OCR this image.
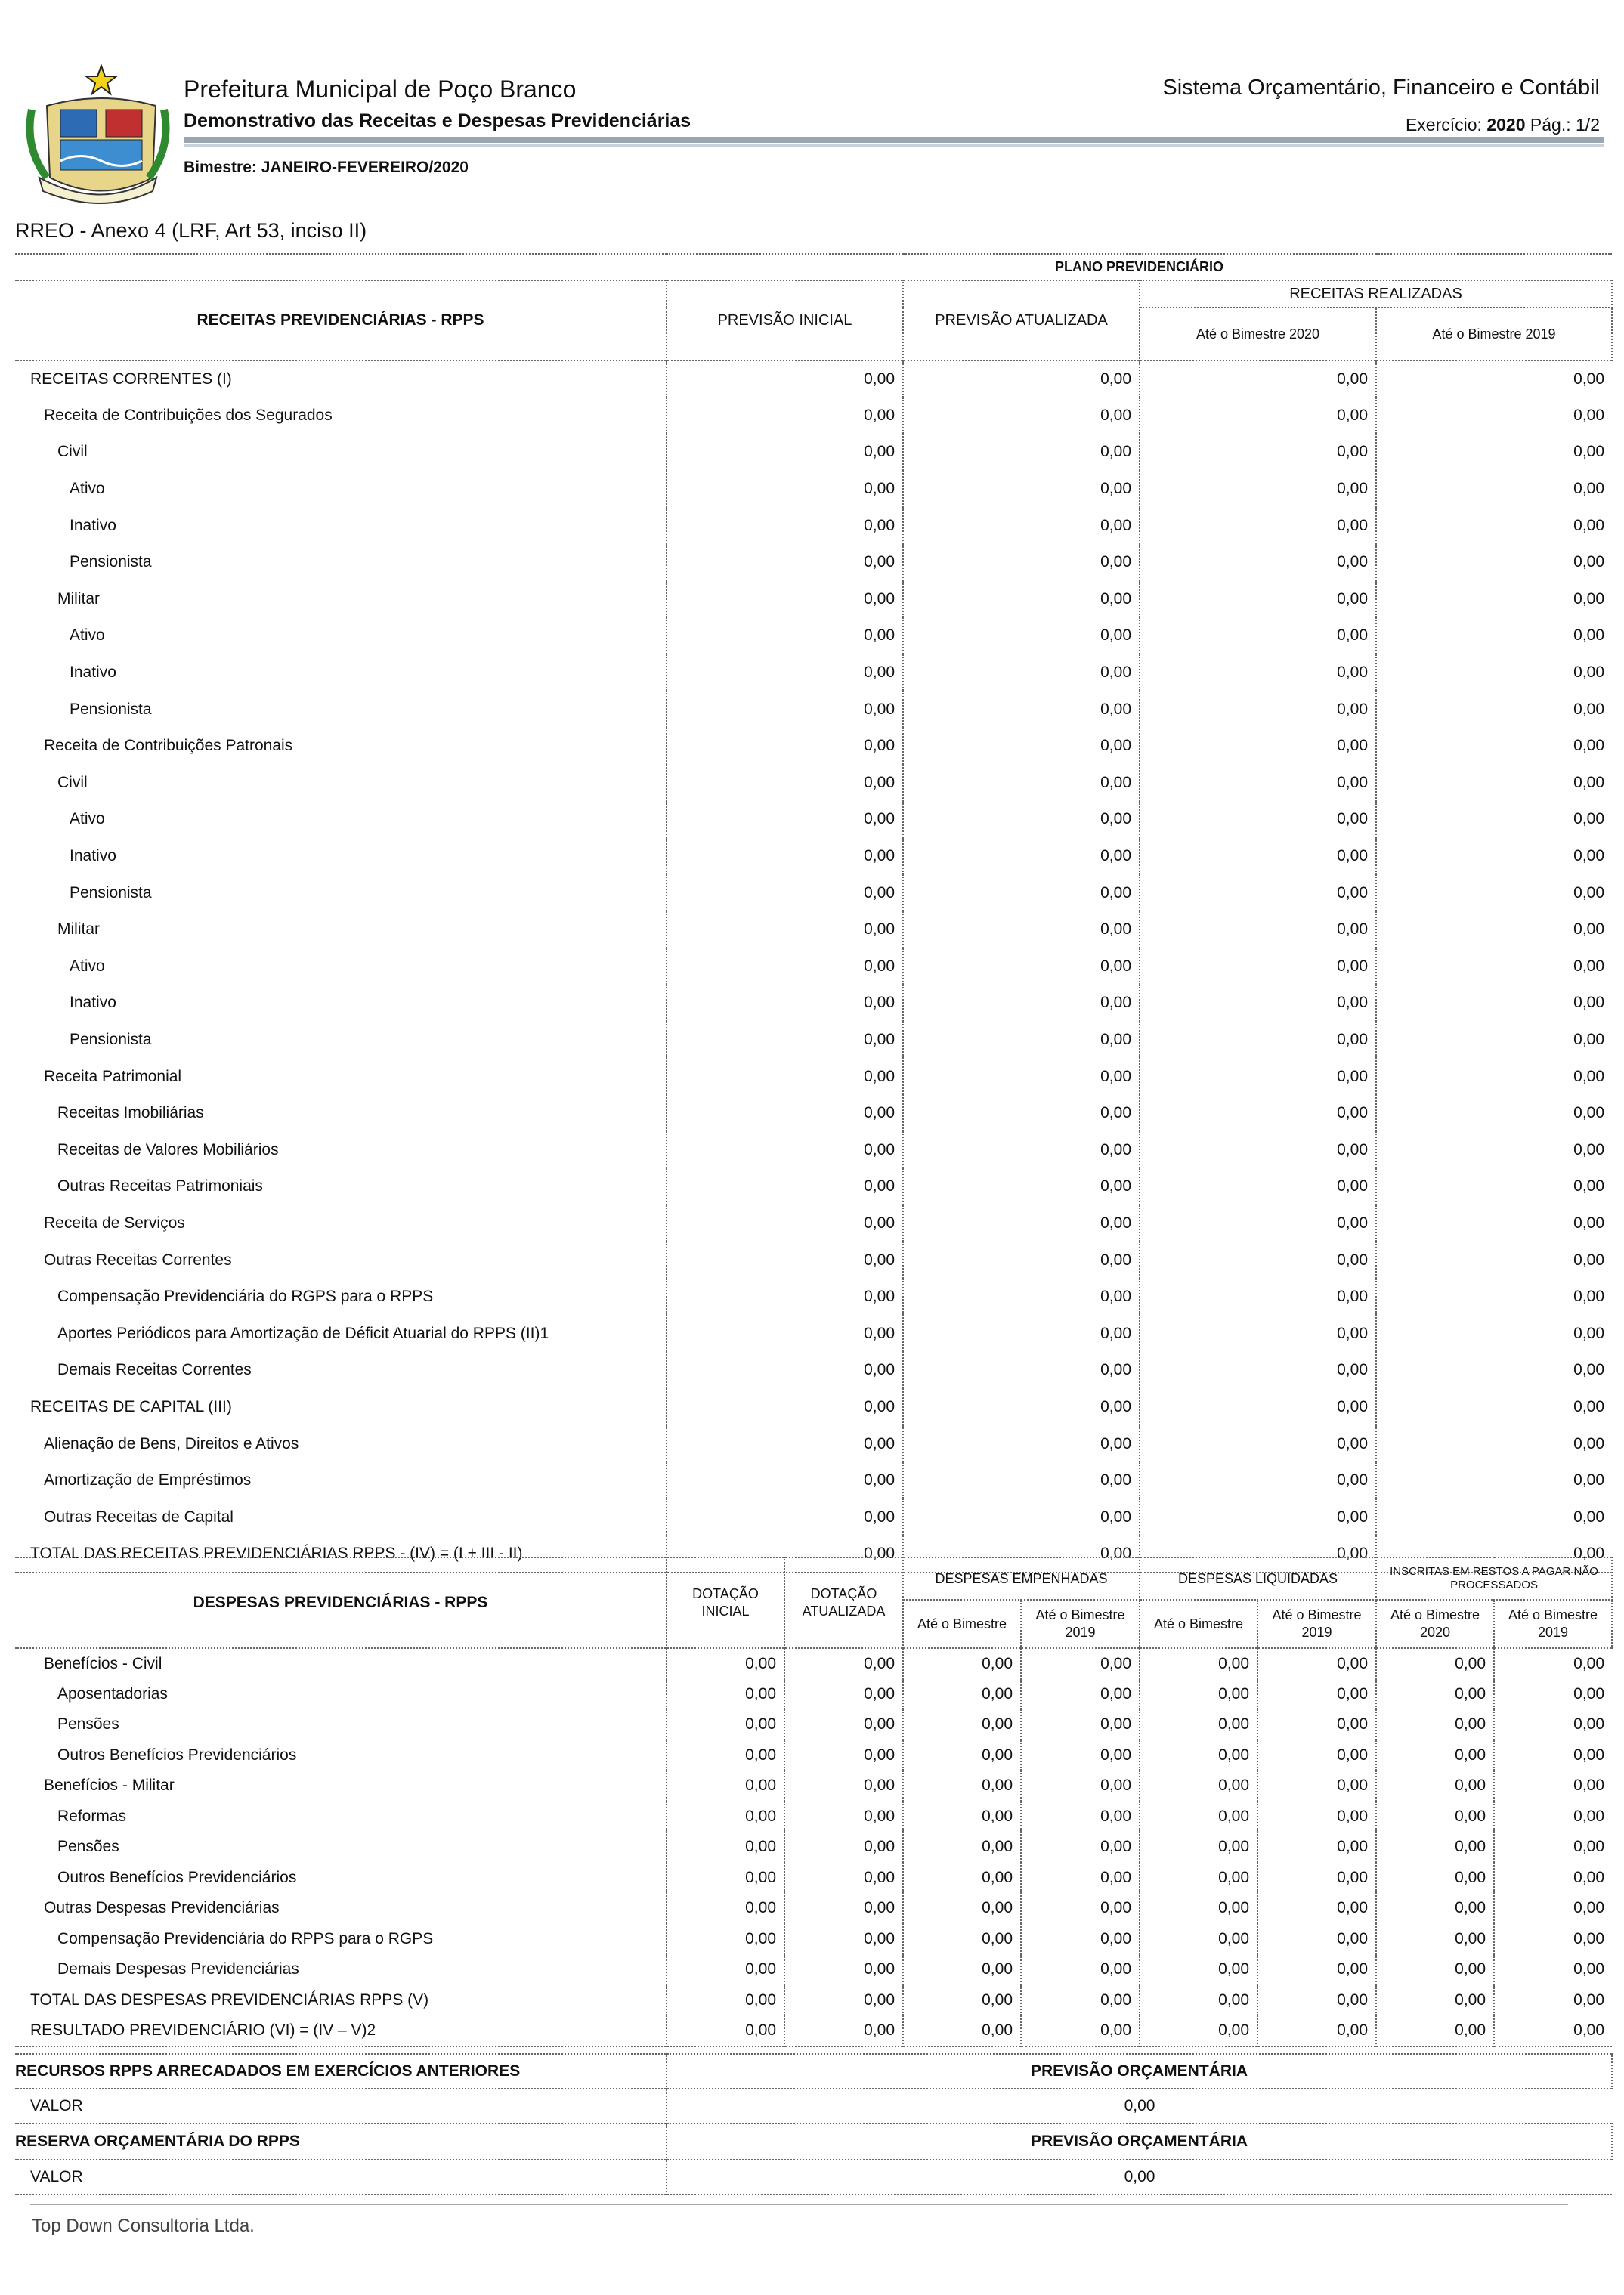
Prefeitura Municipal de Poço Branco
Demonstrativo das Receitas e Despesas Previdenciárias
Sistema Orçamentário, Financeiro e Contábil
Exercício: 2020 Pág.: 1/2
Bimestre: JANEIRO-FEVEREIRO/2020
RREO - Anexo 4 (LRF, Art 53, inciso II)
	PLANO PREVIDENCIÁRIO			
RECEITAS PREVIDENCIÁRIAS - RPPS	PREVISÃO INICIAL	PREVISÃO ATUALIZADA	RECEITAS REALIZADAS	
			Até o Bimestre 2020	Até o Bimestre 2019
RECEITAS CORRENTES (I)	0,00	0,00	0,00	0,00
Receita de Contribuições dos Segurados	0,00	0,00	0,00	0,00
Civil	0,00	0,00	0,00	0,00
Ativo	0,00	0,00	0,00	0,00
Inativo	0,00	0,00	0,00	0,00
Pensionista	0,00	0,00	0,00	0,00
Militar	0,00	0,00	0,00	0,00
Ativo	0,00	0,00	0,00	0,00
Inativo	0,00	0,00	0,00	0,00
Pensionista	0,00	0,00	0,00	0,00
Receita de Contribuições Patronais	0,00	0,00	0,00	0,00
Civil	0,00	0,00	0,00	0,00
Ativo	0,00	0,00	0,00	0,00
Inativo	0,00	0,00	0,00	0,00
Pensionista	0,00	0,00	0,00	0,00
Militar	0,00	0,00	0,00	0,00
Ativo	0,00	0,00	0,00	0,00
Inativo	0,00	0,00	0,00	0,00
Pensionista	0,00	0,00	0,00	0,00
Receita Patrimonial	0,00	0,00	0,00	0,00
Receitas Imobiliárias	0,00	0,00	0,00	0,00
Receitas de Valores Mobiliários	0,00	0,00	0,00	0,00
Outras Receitas Patrimoniais	0,00	0,00	0,00	0,00
Receita de Serviços	0,00	0,00	0,00	0,00
Outras Receitas Correntes	0,00	0,00	0,00	0,00
Compensação Previdenciária do RGPS para o RPPS	0,00	0,00	0,00	0,00
Aportes Periódicos para Amortização de Déficit Atuarial do RPPS (II)1	0,00	0,00	0,00	0,00
Demais Receitas Correntes	0,00	0,00	0,00	0,00
RECEITAS DE CAPITAL (III)	0,00	0,00	0,00	0,00
Alienação de Bens, Direitos e Ativos	0,00	0,00	0,00	0,00
Amortização de Empréstimos	0,00	0,00	0,00	0,00
Outras Receitas de Capital	0,00	0,00	0,00	0,00
TOTAL DAS RECEITAS PREVIDENCIÁRIAS RPPS - (IV) = (I + III - II)	0,00	0,00	0,00	0,00
DESPESAS PREVIDENCIÁRIAS - RPPS	DOTAÇÃO INICIAL	DOTAÇÃO ATUALIZADA	DESPESAS EMPENHADAS		DESPESAS LIQUIDADAS		INSCRITAS EM RESTOS A PAGAR NÃO PROCESSADOS	
			Até o Bimestre	Até o Bimestre 2019	Até o Bimestre	Até o Bimestre 2019	Até o Bimestre 2020	Até o Bimestre 2019
Benefícios - Civil	0,00	0,00	0,00	0,00	0,00	0,00	0,00	0,00
Aposentadorias	0,00	0,00	0,00	0,00	0,00	0,00	0,00	0,00
Pensões	0,00	0,00	0,00	0,00	0,00	0,00	0,00	0,00
Outros Benefícios Previdenciários	0,00	0,00	0,00	0,00	0,00	0,00	0,00	0,00
Benefícios - Militar	0,00	0,00	0,00	0,00	0,00	0,00	0,00	0,00
Reformas	0,00	0,00	0,00	0,00	0,00	0,00	0,00	0,00
Pensões	0,00	0,00	0,00	0,00	0,00	0,00	0,00	0,00
Outros Benefícios Previdenciários	0,00	0,00	0,00	0,00	0,00	0,00	0,00	0,00
Outras Despesas Previdenciárias	0,00	0,00	0,00	0,00	0,00	0,00	0,00	0,00
Compensação Previdenciária do RPPS para o RGPS	0,00	0,00	0,00	0,00	0,00	0,00	0,00	0,00
Demais Despesas Previdenciárias	0,00	0,00	0,00	0,00	0,00	0,00	0,00	0,00
TOTAL DAS DESPESAS PREVIDENCIÁRIAS RPPS (V)	0,00	0,00	0,00	0,00	0,00	0,00	0,00	0,00
RESULTADO PREVIDENCIÁRIO (VI) = (IV – V)2	0,00	0,00	0,00	0,00	0,00	0,00	0,00	0,00
RECURSOS RPPS ARRECADADOS EM EXERCÍCIOS ANTERIORES	PREVISÃO ORÇAMENTÁRIA
VALOR	0,00
RESERVA ORÇAMENTÁRIA DO RPPS	PREVISÃO ORÇAMENTÁRIA
VALOR	0,00
Top Down Consultoria Ltda.
